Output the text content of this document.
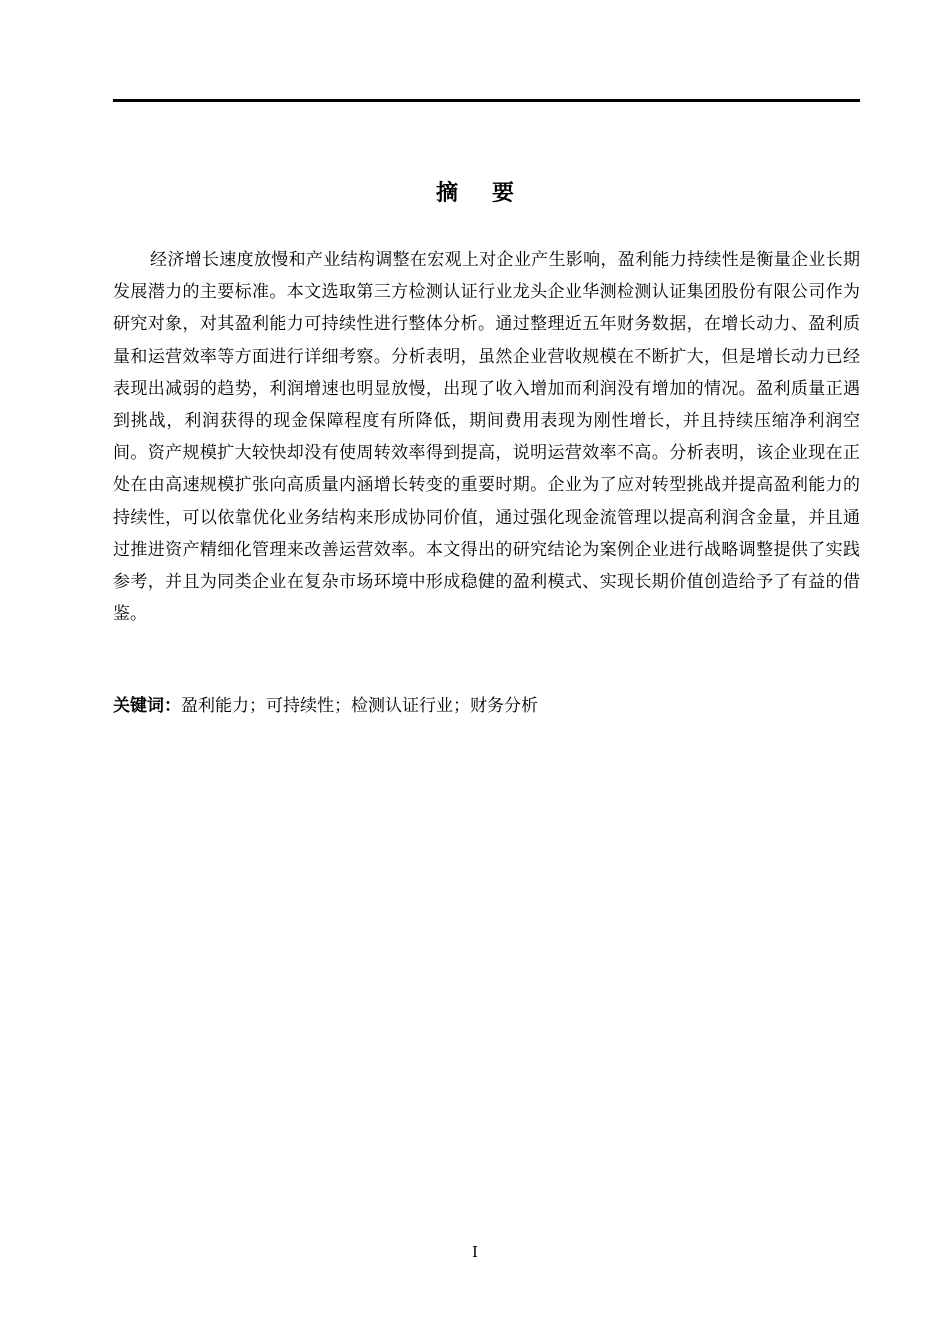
摘要

经济增长速度放慢和产业结构调整在宏观上对企业产生影响，盈利能力持续性是衡量企业长期发展潜力的主要标准。本文选取第三方检测认证行业龙头企业华测检测认证集团股份有限公司作为研究对象，对其盈利能力可持续性进行整体分析。通过整理近五年财务数据，在增长动力、盈利质量和运营效率等方面进行详细考察。分析表明，虽然企业营收规模在不断扩大，但是增长动力已经表现出减弱的趋势，利润增速也明显放慢，出现了收入增加而利润没有增加的情况。盈利质量正遇到挑战，利润获得的现金保障程度有所降低，期间费用表现为刚性增长，并且持续压缩净利润空间。资产规模扩大较快却没有使周转效率得到提高，说明运营效率不高。分析表明，该企业现在正处在由高速规模扩张向高质量内涵增长转变的重要时期。企业为了应对转型挑战并提高盈利能力的持续性，可以依靠优化业务结构来形成协同价值，通过强化现金流管理以提高利润含金量，并且通过推进资产精细化管理来改善运营效率。本文得出的研究结论为案例企业进行战略调整提供了实践参考，并且为同类企业在复杂市场环境中形成稳健的盈利模式、实现长期价值创造给予了有益的借鉴。

关键词：盈利能力；可持续性；检测认证行业；财务分析
I
